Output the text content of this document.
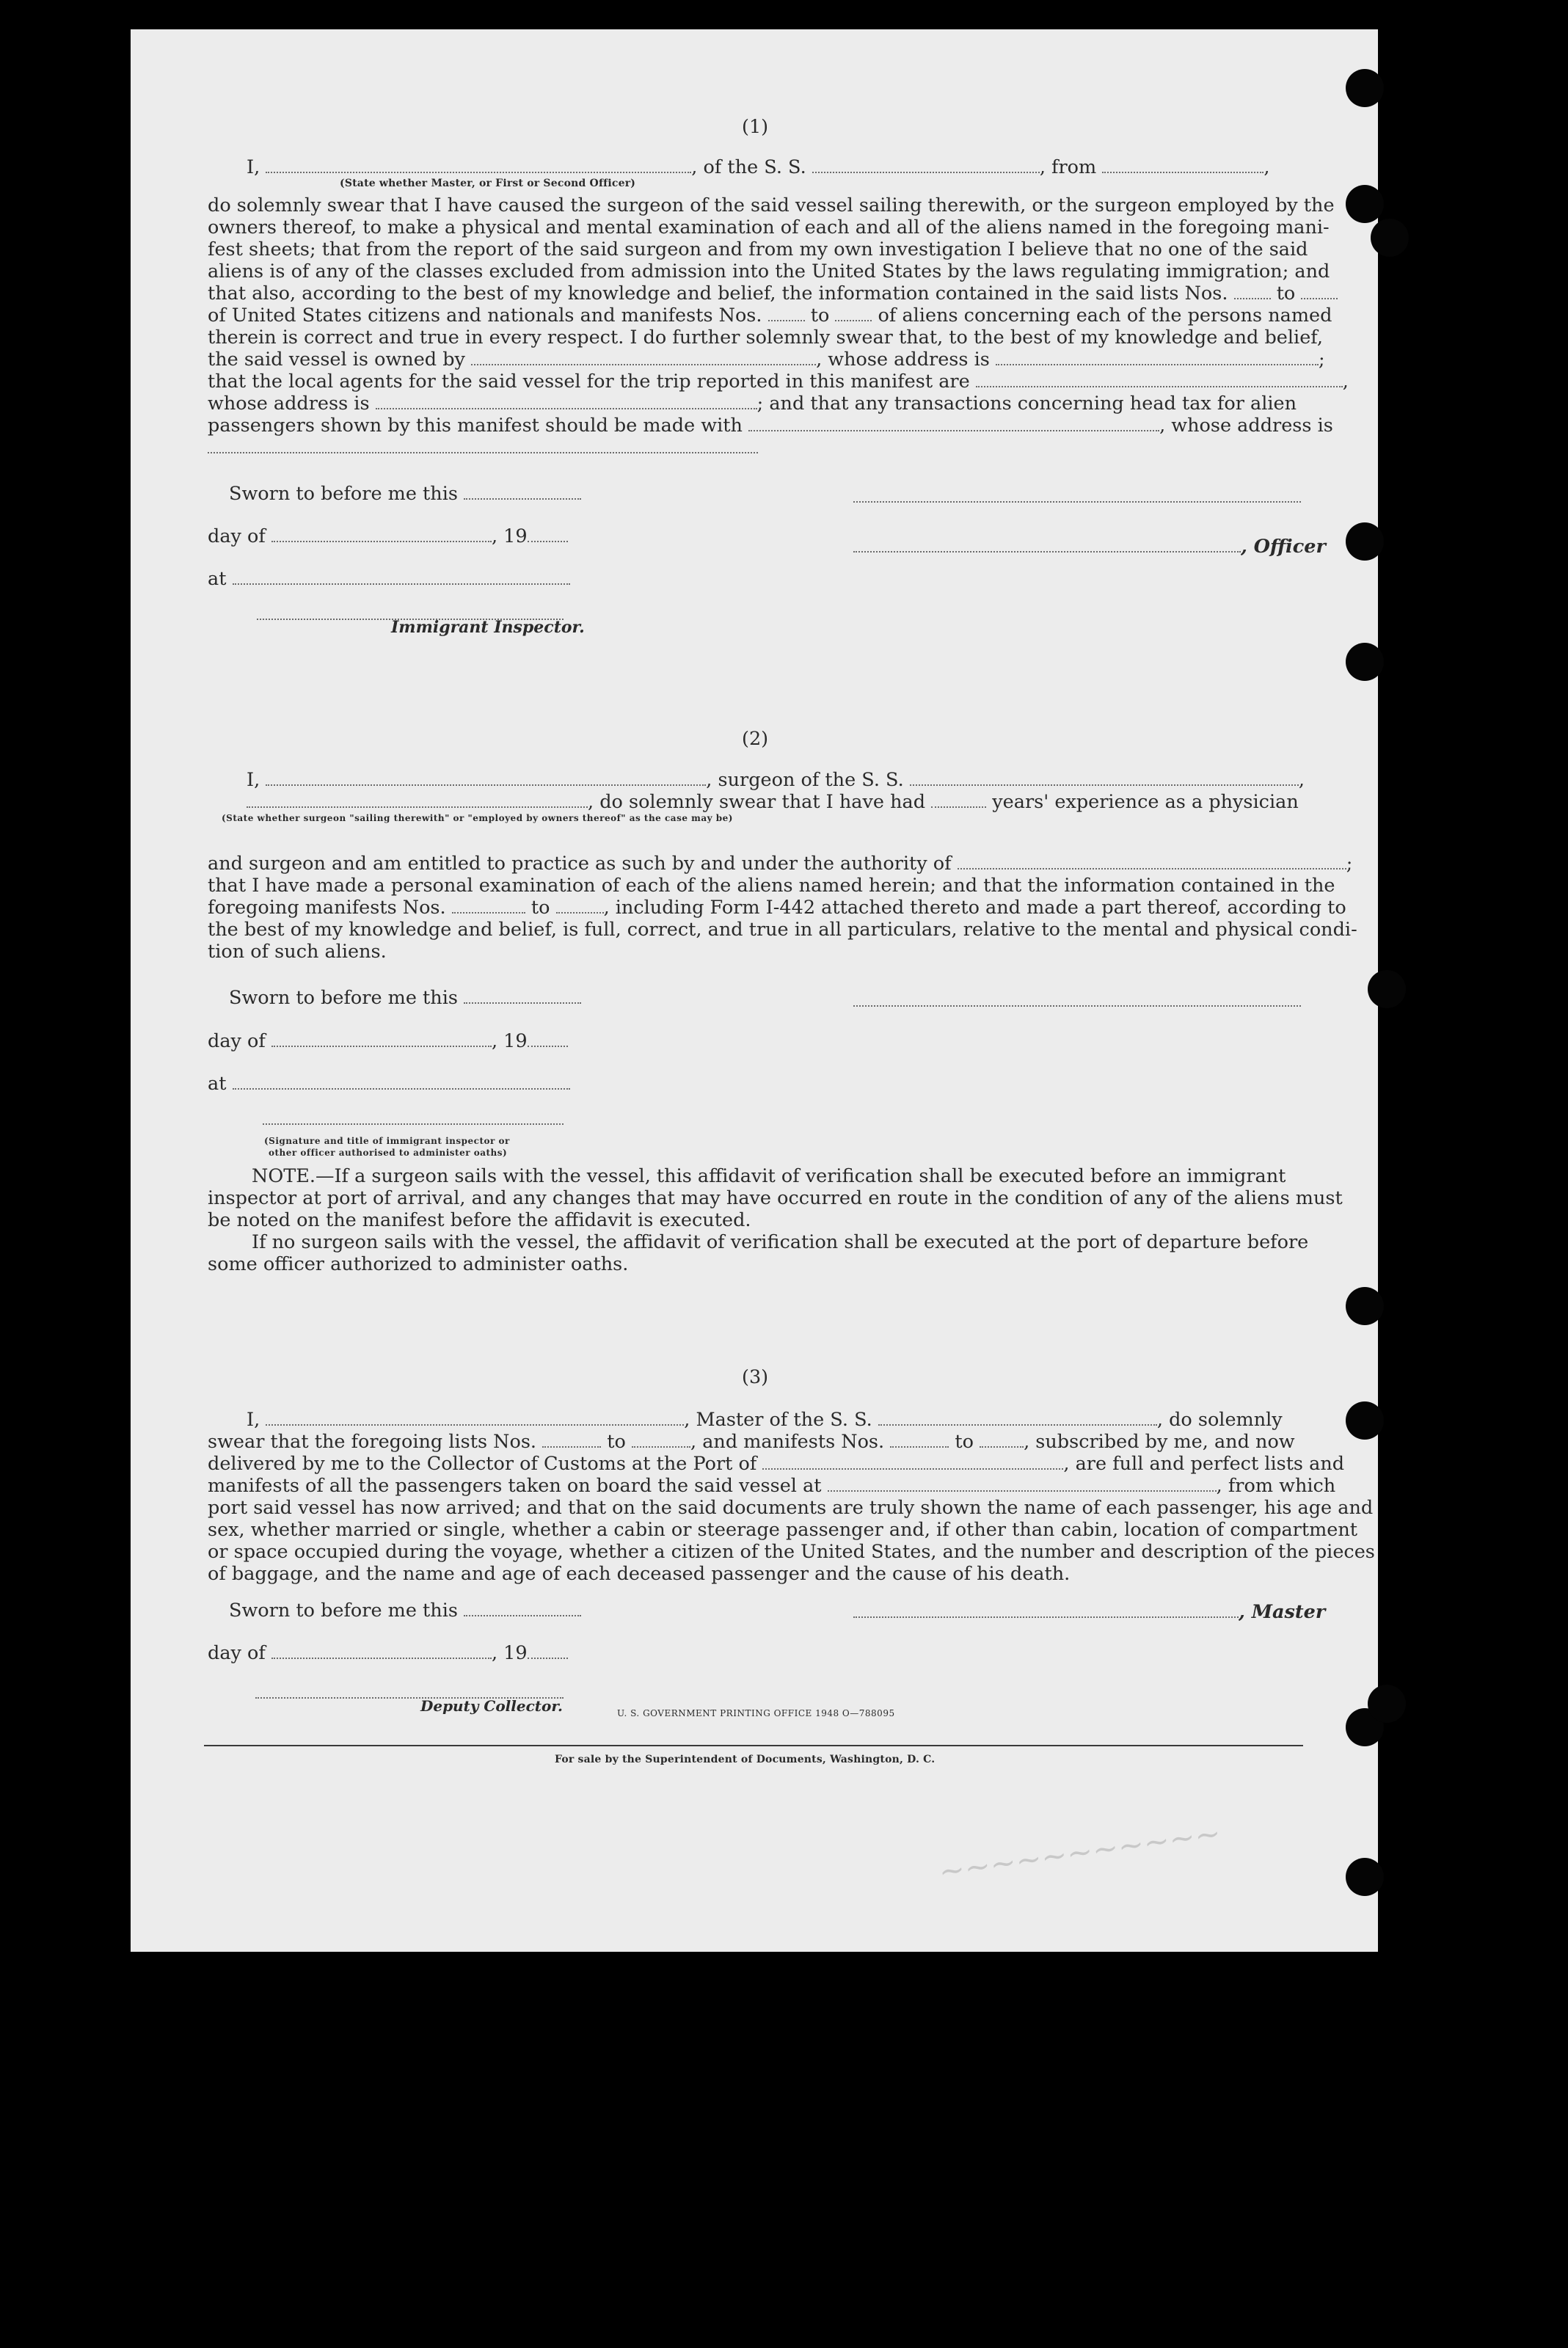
(1)
I,	, of the S. S.	, from	,
(State whether Master, or First or Second Officer)
do solemnly swear that I have caused the surgeon of the said vessel sailing therewith, or the surgeon employed by the
owners thereof, to make a physical and mental examination of each and all of the aliens named in the foregoing mani-
fest sheets; that from the report of the said surgeon and from my own investigation I believe that no one of the said
aliens is of any of the classes excluded from admission into the United States by the laws regulating immigration; and
that also, according to the best of my knowledge and belief, the information contained in the said lists Nos.	to
of United States citizens and nationals and manifests Nos.	to	of aliens concerning each of the persons named
therein is correct and true in every respect. I do further solemnly swear that, to the best of my knowledge and belief,
the said vessel is owned by	, whose address is	;
that the local agents for the said vessel for the trip reported in this manifest are	,
whose address is	; and that any transactions concerning head tax for alien
passengers shown by this manifest should be made with	, whose address is
Sworn to before me this
day of	, 19
at
Immigrant Inspector.
, Officer
(2)
I,	, surgeon of the S. S.	,
, do solemnly swear that I have had	years' experience as a physician
(State whether surgeon "sailing therewith" or "employed by owners thereof" as the case may be)
and surgeon and am entitled to practice as such by and under the authority of	;
that I have made a personal examination of each of the aliens named herein; and that the information contained in the
foregoing manifests Nos.	to	, including Form I-442 attached thereto and made a part thereof, according to
the best of my knowledge and belief, is full, correct, and true in all particulars, relative to the mental and physical condi-
tion of such aliens.
Sworn to before me this
day of	, 19
at
(Signature and title of immigrant inspector or
other officer authorised to administer oaths)
NOTE.—If a surgeon sails with the vessel, this affidavit of verification shall be executed before an immigrant
inspector at port of arrival, and any changes that may have occurred en route in the condition of any of the aliens must
be noted on the manifest before the affidavit is executed.
If no surgeon sails with the vessel, the affidavit of verification shall be executed at the port of departure before
some officer authorized to administer oaths.
(3)
I,	, Master of the S. S.	, do solemnly
swear that the foregoing lists Nos.	to	, and manifests Nos.	to	, subscribed by me, and now
delivered by me to the Collector of Customs at the Port of	, are full and perfect lists and
manifests of all the passengers taken on board the said vessel at	, from which
port said vessel has now arrived; and that on the said documents are truly shown the name of each passenger, his age and
sex, whether married or single, whether a cabin or steerage passenger and, if other than cabin, location of compartment
or space occupied during the voyage, whether a citizen of the United States, and the number and description of the pieces
of baggage, and the name and age of each deceased passenger and the cause of his death.
Sworn to before me this	, Master
day of	, 19
Deputy Collector.	U. S. GOVERNMENT PRINTING OFFICE 1948 O—788095
For sale by the Superintendent of Documents, Washington, D. C.
~~~~~~~~~~~
